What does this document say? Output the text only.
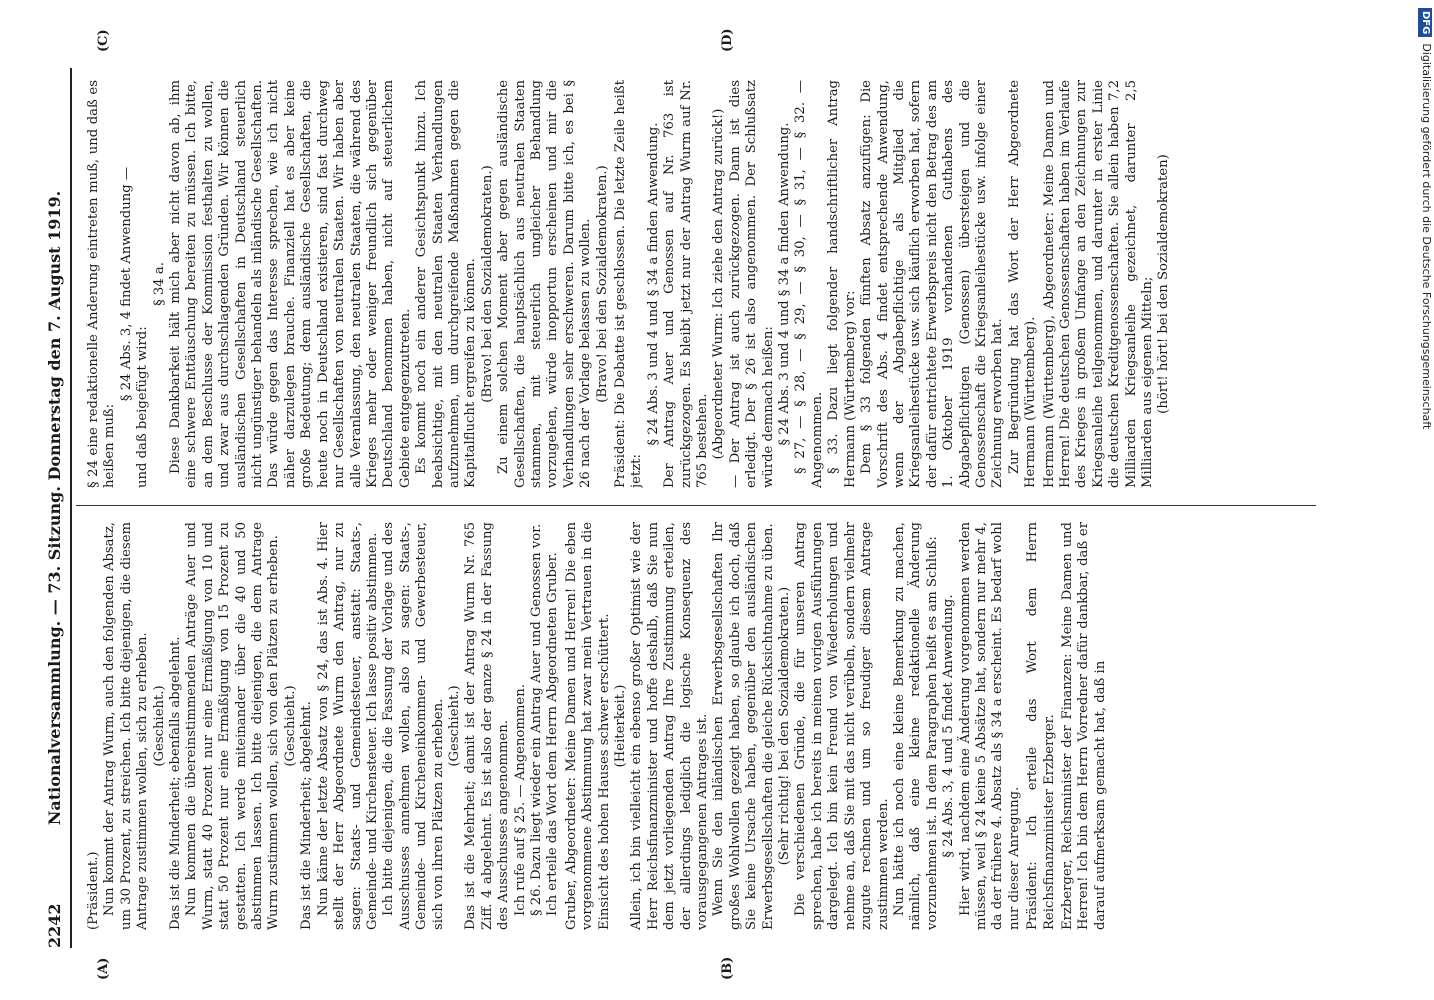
2242
Nationalversammlung. — 73. Sitzung. Donnerstag den 7. August 1919.
(A)	(B)
(C)	(D)

(Präsident.) Nun kommt der Antrag Wurm, auch den folgenden Absatz, um 30 Prozent, zu streichen. Ich bitte diejenigen, die diesem Antrage zustimmen wollen, sich zu erheben. (Geschieht.) Das ist die Minderheit; ebenfalls abgelehnt. Nun kommen die übereinstimmenden Anträge Auer und Wurm, statt 40 Prozent nur eine Ermäßigung von 10 und statt 50 Prozent nur eine Ermäßigung von 15 Prozent zu gestatten. Ich werde miteinander über die 40 und 50 abstimmen lassen. Ich bitte diejenigen, die dem Antrage Wurm zustimmen wollen, sich von den Plätzen zu erheben. (Geschieht.) Das ist die Minderheit; abgelehnt. Nun käme der letzte Absatz von § 24, das ist Abs. 4. Hier stellt der Herr Abgeordnete Wurm den Antrag, nur zu sagen: Staats- und Gemeindesteuer, anstatt: Staats-, Gemeinde- und Kirchensteuer. Ich lasse positiv abstimmen. Ich bitte diejenigen, die die Fassung der Vorlage und des Ausschusses annehmen wollen, also zu sagen: Staats-, Gemeinde- und Kircheneinkommen- und Gewerbesteuer, sich von ihren Plätzen zu erheben. (Geschieht.) Das ist die Mehrheit; damit ist der Antrag Wurm Nr. 765 Ziff. 4 abgelehnt. Es ist also der ganze § 24 in der Fassung des Ausschusses angenommen. Ich rufe auf § 25. — Angenommen. § 26. Dazu liegt wieder ein Antrag Auer und Genossen vor. Ich erteile das Wort dem Herrn Abgeordneten Gruber. Gruber, Abgeordneter: Meine Damen und Herren! Die eben vorgenommene Abstimmung hat zwar mein Vertrauen in die Einsicht des hohen Hauses schwer erschüttert. (Heiterkeit.) Allein, ich bin vielleicht ein ebenso großer Optimist wie der Herr Reichsfinanzminister und hoffe deshalb, daß Sie nun dem jetzt vorliegenden Antrag Ihre Zustimmung erteilen, der allerdings lediglich die logische Konsequenz des vorausgegangenen Antrages ist. Wenn Sie den inländischen Erwerbsgesellschaften Ihr großes Wohlwollen gezeigt haben, so glaube ich doch, daß Sie keine Ursache haben, gegenüber den ausländischen Erwerbsgesellschaften die gleiche Rücksichtnahme zu üben. (Sehr richtig! bei den Sozialdemokraten.) Die verschiedenen Gründe, die für unseren Antrag sprechen, habe ich bereits in meinen vorigen Ausführungen dargelegt. Ich bin kein Freund von Wiederholungen und nehme an, daß Sie mit das nicht verübeln, sondern vielmehr zugute rechnen und um so freudiger diesem Antrage zustimmen werden. Nun hätte ich noch eine kleine Bemerkung zu machen, nämlich, daß eine kleine redaktionelle Änderung vorzunehmen ist. In dem Paragraphen heißt es am Schluß: § 24 Abs. 3, 4 und 5 findet Anwendung. Hier wird, nachdem eine Änderung vorgenommen werden müssen, weil § 24 keine 5 Absätze hat, sondern nur mehr 4, da der frühere 4. Absatz als § 34 a erscheint. Es bedarf wohl nur dieser Anregung. Präsident: Ich erteile das Wort dem Herrn Reichsfinanzminister Erzberger. Erzberger, Reichsminister der Finanzen: Meine Damen und Herren! Ich bin dem Herrn Vorredner dafür dankbar, daß er darauf aufmerksam gemacht hat, daß in

§ 24 eine redaktionelle Änderung eintreten muß, und daß es heißen muß:

§ 24 Abs. 3, 4 findet Anwendung —

und daß beigefügt wird:

§ 34 a. Diese Dankbarkeit hält mich aber nicht davon ab, ihm eine schwere Enttäuschung bereiten zu müssen. Ich bitte, an dem Beschlusse der Kommission festhalten zu wollen, und zwar aus durchschlagenden Gründen. Wir können die ausländischen Gesellschaften in Deutschland steuerlich nicht ungünstiger behandeln als inländische Gesellschaften. Das würde gegen das Interesse sprechen, wie ich nicht näher darzulegen brauche. Finanziell hat es aber keine große Bedeutung; denn ausländische Gesellschaften, die heute noch in Deutschland existieren, sind fast durchweg nur Gesellschaften von neutralen Staaten. Wir haben aber alle Veranlassung, den neutralen Staaten, die während des Krieges mehr oder weniger freundlich sich gegenüber Deutschland benommen haben, nicht auf steuerlichem Gebiete entgegenzutreten. Es kommt noch ein anderer Gesichtspunkt hinzu. Ich beabsichtige, mit den neutralen Staaten Verhandlungen aufzunehmen, um durchgreifende Maßnahmen gegen die Kapitalflucht ergreifen zu können. (Bravo! bei den Sozialdemokraten.) Zu einem solchen Moment aber gegen ausländische Gesellschaften, die hauptsächlich aus neutralen Staaten stammen, mit steuerlich ungleicher Behandlung vorzugehen, würde inopportun erscheinen und mir die Verhandlungen sehr erschweren. Darum bitte ich, es bei § 26 nach der Vorlage belassen zu wollen. (Bravo! bei den Sozialdemokraten.) Präsident: Die Debatte ist geschlossen. Die letzte Zeile heißt jetzt:

§ 24 Abs. 3 und 4 und § 34 a finden Anwendung. Der Antrag Auer und Genossen auf Nr. 763 ist zurückgezogen. Es bleibt jetzt nur der Antrag Wurm auf Nr. 765 bestehen. (Abgeordneter Wurm: Ich ziehe den Antrag zurück!) — Der Antrag ist auch zurückgezogen. Dann ist dies erledigt. Der § 26 ist also angenommen. Der Schlußsatz würde demnach heißen: § 24 Abs. 3 und 4 und § 34 a finden Anwendung. § 27, — § 28, — § 29, — § 30, — § 31, — § 32. — Angenommen. § 33. Dazu liegt folgender handschriftlicher Antrag Hermann (Württemberg) vor: Dem § 33 folgenden fünften Absatz anzufügen: Die Vorschrift des Abs. 4 findet entsprechende Anwendung, wenn der Abgabepflichtige als Mitglied die Kriegsanleihestücke usw. sich käuflich erworben hat, sofern der dafür entrichtete Erwerbspreis nicht den Betrag des am 1. Oktober 1919 vorhandenen Guthabens des Abgabepflichtigen (Genossen) übersteigen und die Genossenschaft die Kriegsanleihestücke usw. infolge einer Zeichnung erworben hat. Zur Begründung hat das Wort der Herr Abgeordnete Hermann (Württemberg). Hermann (Württemberg), Abgeordneter: Meine Damen und Herren! Die deutschen Genossenschaften haben im Verlaufe des Krieges in großem Umfange an den Zeichnungen zur Kriegsanleihe teilgenommen, und darunter in erster Linie die deutschen Kreditgenossenschaften. Sie allein haben 7,2 Milliarden Kriegsanleihe gezeichnet, darunter 2,5 Milliarden aus eigenen Mitteln; (hört! hört! bei den Sozialdemokraten)

DFGDigitalisierung gefördert durch die Deutsche Forschungsgemeinschaft
